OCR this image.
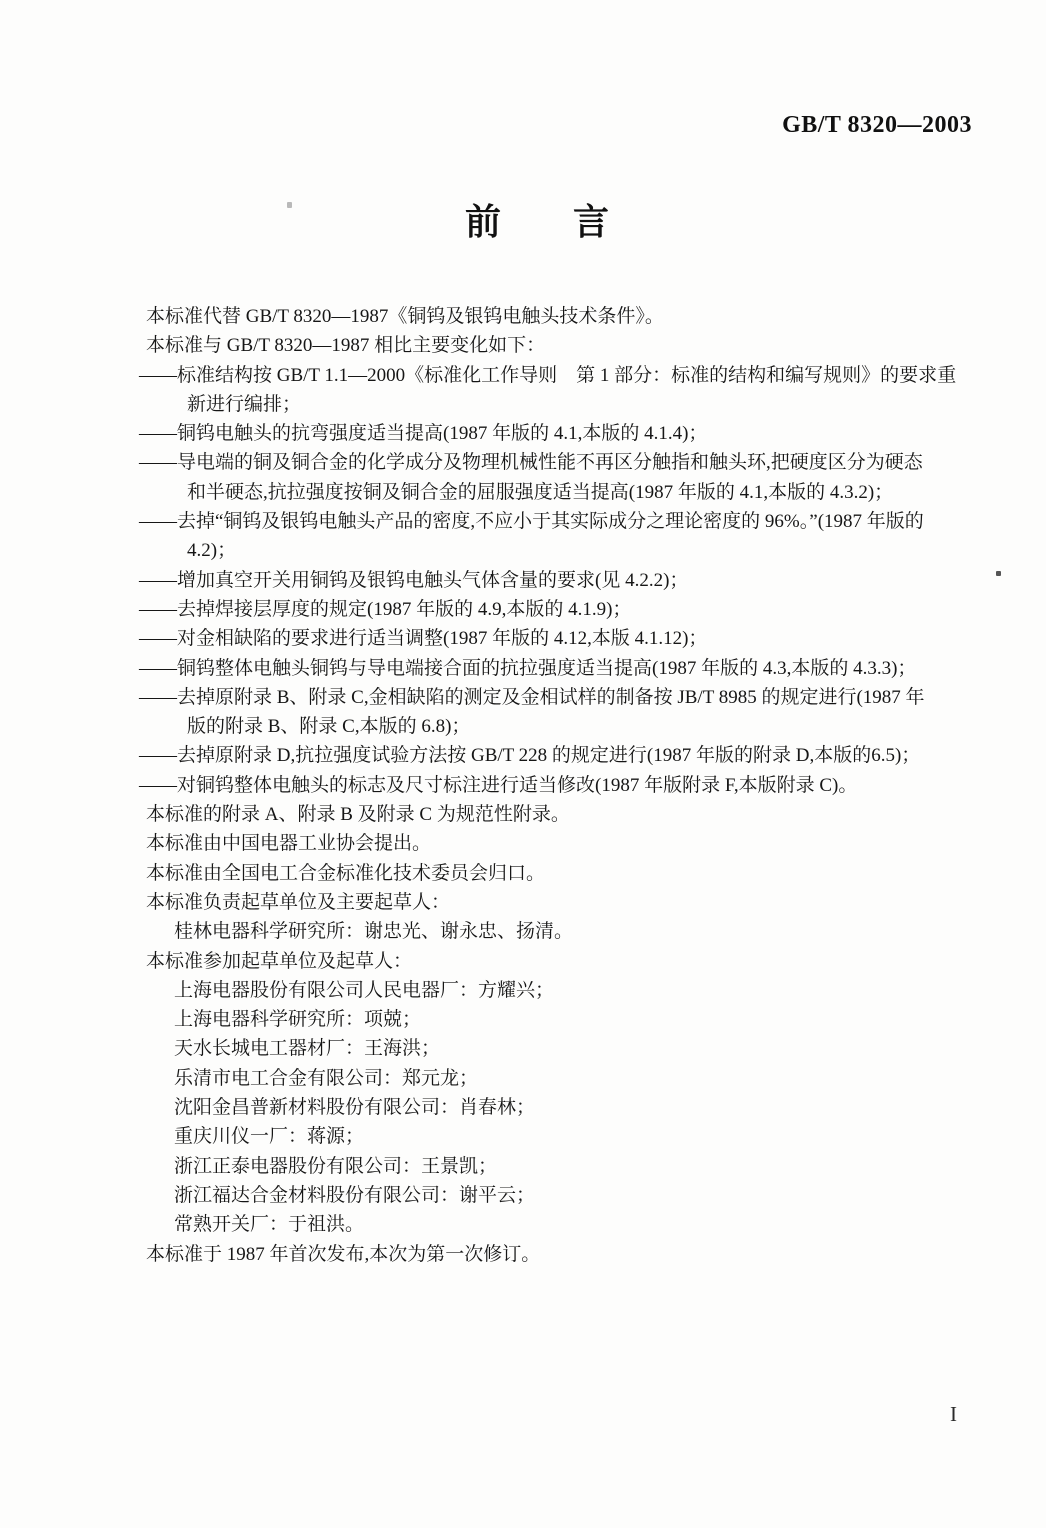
GB/T 8320—2003
前　　言
本标准代替 GB/T 8320—1987《铜钨及银钨电触头技术条件》。
本标准与 GB/T 8320—1987 相比主要变化如下：
——标准结构按 GB/T 1.1—2000《标准化工作导则　第 1 部分：标准的结构和编写规则》的要求重
新进行编排；
——铜钨电触头的抗弯强度适当提高(1987 年版的 4.1,本版的 4.1.4)；
——导电端的铜及铜合金的化学成分及物理机械性能不再区分触指和触头环,把硬度区分为硬态
和半硬态,抗拉强度按铜及铜合金的屈服强度适当提高(1987 年版的 4.1,本版的 4.3.2)；
——去掉“铜钨及银钨电触头产品的密度,不应小于其实际成分之理论密度的 96%。”(1987 年版的
4.2)；
——增加真空开关用铜钨及银钨电触头气体含量的要求(见 4.2.2)；
——去掉焊接层厚度的规定(1987 年版的 4.9,本版的 4.1.9)；
——对金相缺陷的要求进行适当调整(1987 年版的 4.12,本版 4.1.12)；
——铜钨整体电触头铜钨与导电端接合面的抗拉强度适当提高(1987 年版的 4.3,本版的 4.3.3)；
——去掉原附录 B、附录 C,金相缺陷的测定及金相试样的制备按 JB/T 8985 的规定进行(1987 年
版的附录 B、附录 C,本版的 6.8)；
——去掉原附录 D,抗拉强度试验方法按 GB/T 228 的规定进行(1987 年版的附录 D,本版的6.5)；
——对铜钨整体电触头的标志及尺寸标注进行适当修改(1987 年版附录 F,本版附录 C)。
本标准的附录 A、附录 B 及附录 C 为规范性附录。
本标准由中国电器工业协会提出。
本标准由全国电工合金标准化技术委员会归口。
本标准负责起草单位及主要起草人：
桂林电器科学研究所：谢忠光、谢永忠、扬清。
本标准参加起草单位及起草人：
上海电器股份有限公司人民电器厂：方耀兴；
上海电器科学研究所：项兢；
天水长城电工器材厂：王海洪；
乐清市电工合金有限公司：郑元龙；
沈阳金昌普新材料股份有限公司：肖春林；
重庆川仪一厂：蒋源；
浙江正泰电器股份有限公司：王景凯；
浙江福达合金材料股份有限公司：谢平云；
常熟开关厂：于祖洪。
本标准于 1987 年首次发布,本次为第一次修订。
I
